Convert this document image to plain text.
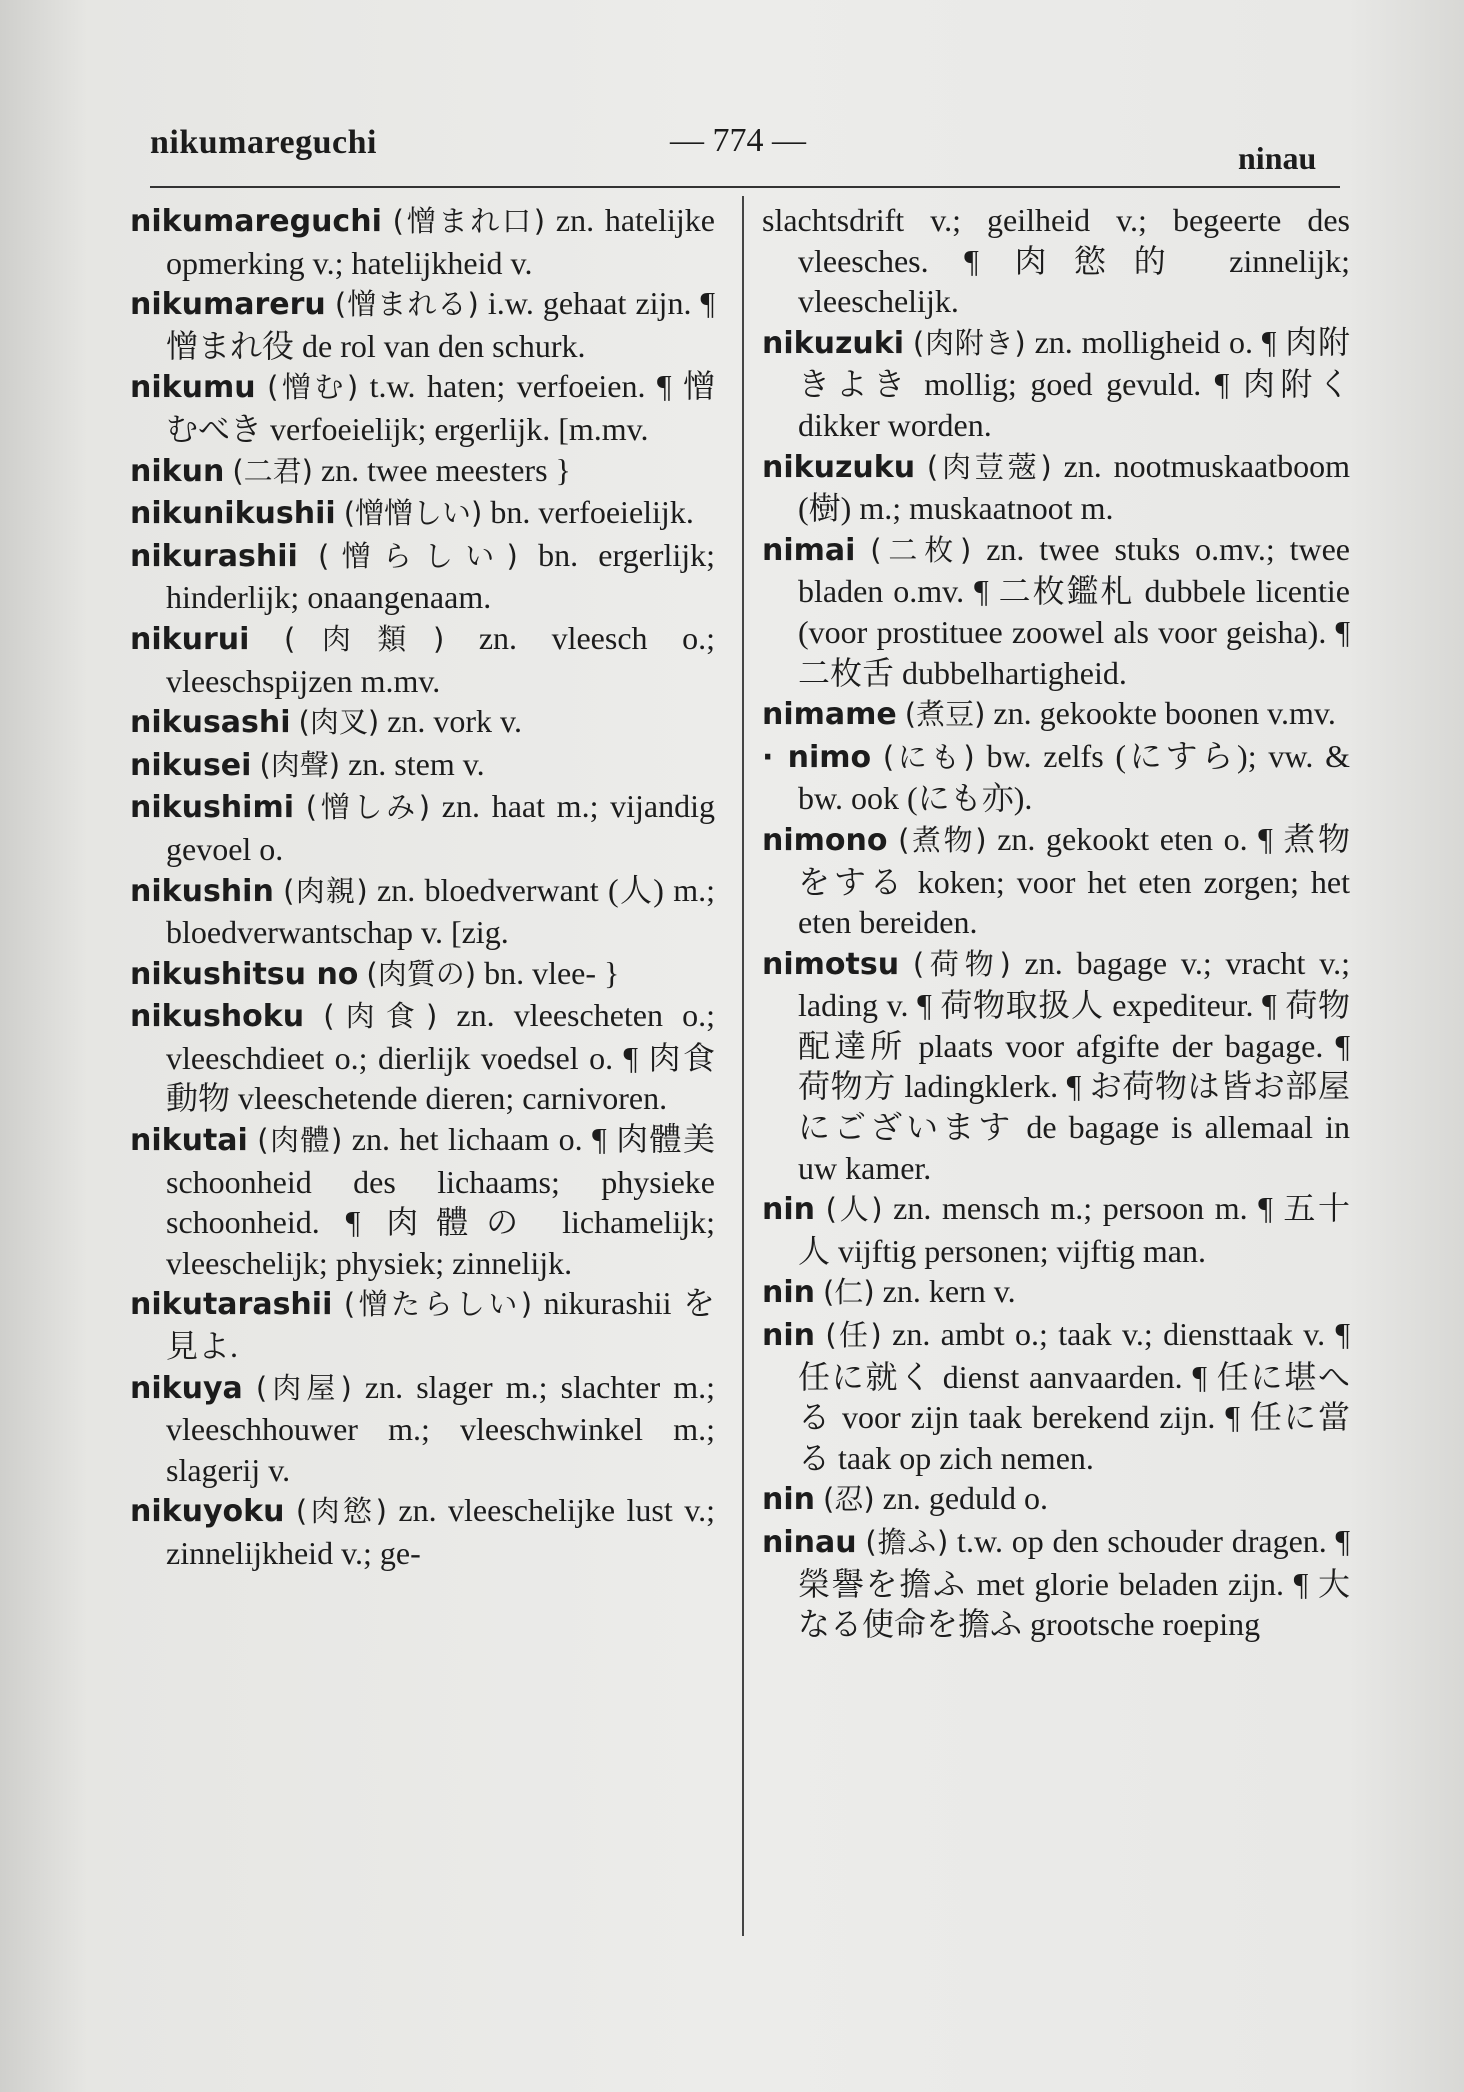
nikumareguchi	— 774 —	ninau

nikumareguchi (憎まれ口) zn. hatelijke opmerking v.; hatelijkheid v.

nikumareru (憎まれる) i.w. gehaat zijn. ¶ 憎まれ役 de rol van den schurk.

nikumu (憎む) t.w. haten; verfoeien. ¶ 憎むべき verfoeielijk; ergerlijk. [m.mv.

nikun (二君) zn. twee meesters }

nikunikushii (憎憎しい) bn. verfoeielijk.

nikurashii (憎らしい) bn. ergerlijk; hinderlijk; onaangenaam.

nikurui (肉類) zn. vleesch o.; vleeschspijzen m.mv.

nikusashi (肉叉) zn. vork v.

nikusei (肉聲) zn. stem v.

nikushimi (憎しみ) zn. haat m.; vijandig gevoel o.

nikushin (肉親) zn. bloedverwant (人) m.; bloedverwantschap v. [zig.

nikushitsu no (肉質の) bn. vlee- }

nikushoku (肉食) zn. vleescheten o.; vleeschdieet o.; dierlijk voedsel o. ¶ 肉食動物 vleeschetende dieren; carnivoren.

nikutai (肉體) zn. het lichaam o. ¶ 肉體美 schoonheid des lichaams; physieke schoonheid. ¶ 肉體の lichamelijk; vleeschelijk; physiek; zinnelijk.

nikutarashii (憎たらしい) nikurashii を見よ.

nikuya (肉屋) zn. slager m.; slachter m.; vleeschhouwer m.; vleeschwinkel m.; slagerij v.

nikuyoku (肉慾) zn. vleeschelijke lust v.; zinnelijkheid v.; ge-

slachtsdrift v.; geilheid v.; begeerte des vleesches. ¶ 肉慾的 zinnelijk; vleeschelijk.

nikuzuki (肉附き) zn. molligheid o. ¶ 肉附きよき mollig; goed gevuld. ¶ 肉附く dikker worden.

nikuzuku (肉荳蔲) zn. nootmuskaatboom (樹) m.; muskaatnoot m.

nimai (二枚) zn. twee stuks o.mv.; twee bladen o.mv. ¶ 二枚鑑札 dubbele licentie (voor prostituee zoowel als voor geisha). ¶ 二枚舌 dubbelhartigheid.

nimame (煮豆) zn. gekookte boonen v.mv.

· nimo (にも) bw. zelfs (にすら); vw. & bw. ook (にも亦).

nimono (煮物) zn. gekookt eten o. ¶ 煮物をする koken; voor het eten zorgen; het eten bereiden.

nimotsu (荷物) zn. bagage v.; vracht v.; lading v. ¶ 荷物取扱人 expediteur. ¶ 荷物配達所 plaats voor afgifte der bagage. ¶ 荷物方 ladingklerk. ¶ お荷物は皆お部屋にございます de bagage is allemaal in uw kamer.

nin (人) zn. mensch m.; persoon m. ¶ 五十人 vijftig personen; vijftig man.

nin (仁) zn. kern v.

nin (任) zn. ambt o.; taak v.; diensttaak v. ¶ 任に就く dienst aanvaarden. ¶ 任に堪へる voor zijn taak berekend zijn. ¶ 任に當る taak op zich nemen.

nin (忍) zn. geduld o.

ninau (擔ふ) t.w. op den schouder dragen. ¶ 榮譽を擔ふ met glorie beladen zijn. ¶ 大なる使命を擔ふ grootsche roeping
